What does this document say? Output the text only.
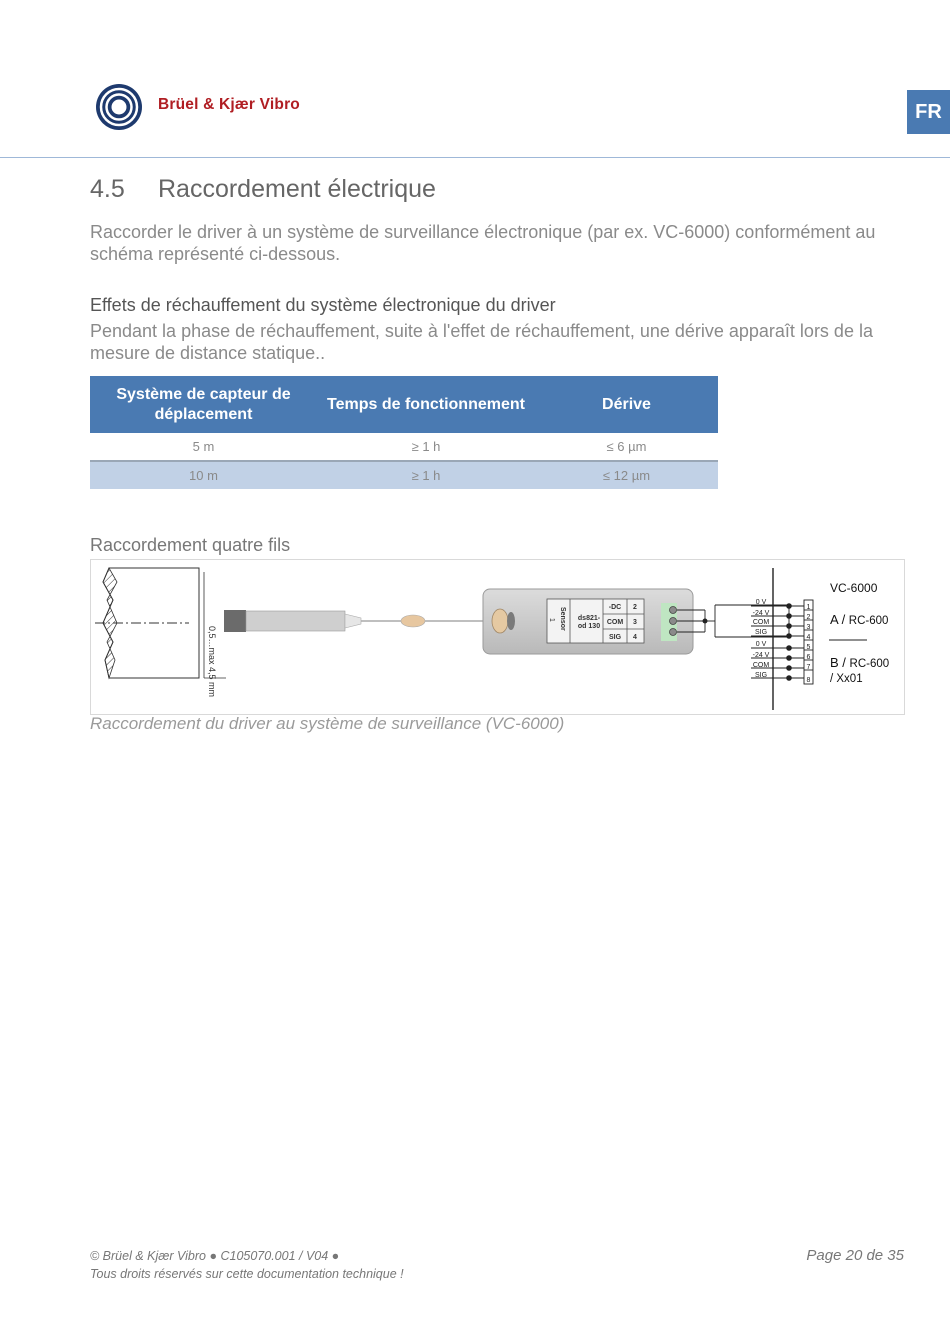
Brüel & Kjær Vibro	FR
4.5 Raccordement électrique
Raccorder le driver à un système de surveillance électronique (par ex. VC-6000) conformément au schéma représenté ci-dessous.
Effets de réchauffement du système électronique du driver
Pendant la phase de réchauffement, suite à l'effet de réchauffement, une dérive apparaît lors de la mesure de distance statique..
Système de capteur de déplacement	Temps de fonctionnement	Dérive
5 m	≥ 1 h	≤ 6 µm
10 m	≥ 1 h	≤ 12 µm
Raccordement quatre fils
0,5…max 4,5 mm
Sensor
1	ds821-
od 130
-DC
COM
SIG
2
3
4
0 V
-24 V
COM
SIG
0 V
-24 V
COM
SIG
1
2
3
4
5
6
7
8
VC-6000
A / RC-600
B / RC-600
/ Xx01
Raccordement du driver au système de surveillance (VC-6000)
© Brüel & Kjær Vibro ● C105070.001 / V04 ●
Tous droits réservés sur cette documentation technique !
Page 20 de 35
